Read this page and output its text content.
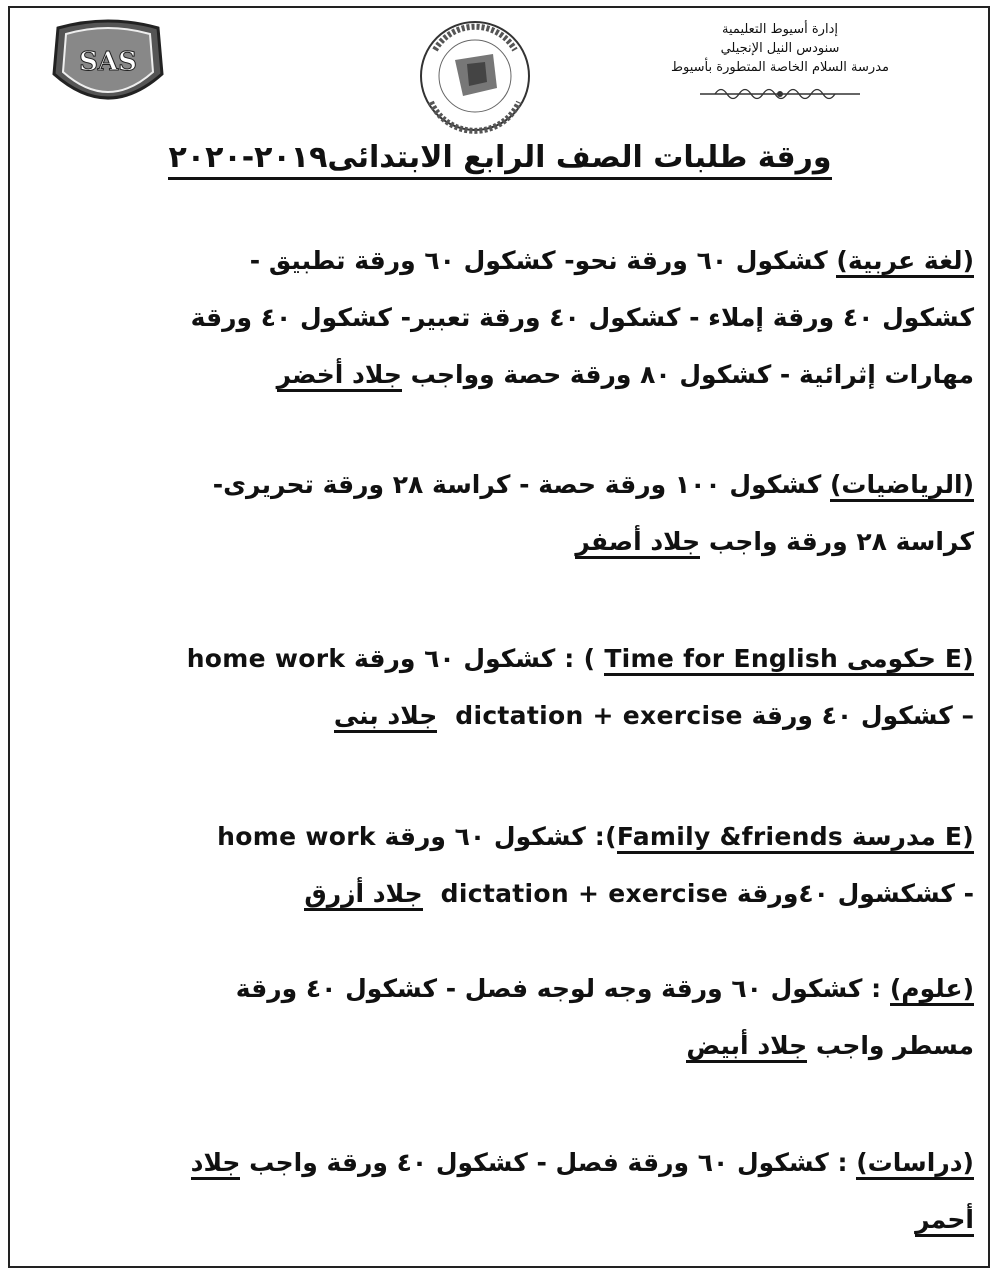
SAS
إدارة أسيوط التعليمية
سنودس النيل الإنجيلي
مدرسة السلام الخاصة المتطورة بأسيوط
ورقة طلبات الصف الرابع الابتدائى٢٠١٩-٢٠٢٠
(لغة عربية) كشكول ٦٠ ورقة نحو- كشكول ٦٠ ورقة تطبيق -
كشكول ٤٠ ورقة إملاء - كشكول ٤٠ ورقة تعبير- كشكول ٤٠ ورقة
مهارات إثرائية - كشكول ٨٠ ورقة حصة وواجب جلاد أخضر
(الرياضيات) كشكول ١٠٠ ورقة حصة - كراسة ٢٨ ورقة تحريرى-
كراسة ٢٨ ورقة واجب جلاد أصفر
(E حكومى Time for English ) : كشكول ٦٠ ورقة home work
– كشكول ٤٠ ورقة dictation + exercise  جلاد بنى
(E مدرسة Family &friends): كشكول ٦٠ ورقة home work
- كشكشول ٤٠ورقة dictation + exercise  جلاد أزرق
(علوم) : كشكول ٦٠ ورقة وجه لوجه فصل - كشكول ٤٠ ورقة
مسطر واجب جلاد أبيض
(دراسات) : كشكول ٦٠ ورقة فصل - كشكول ٤٠ ورقة واجب جلاد
أحمر
